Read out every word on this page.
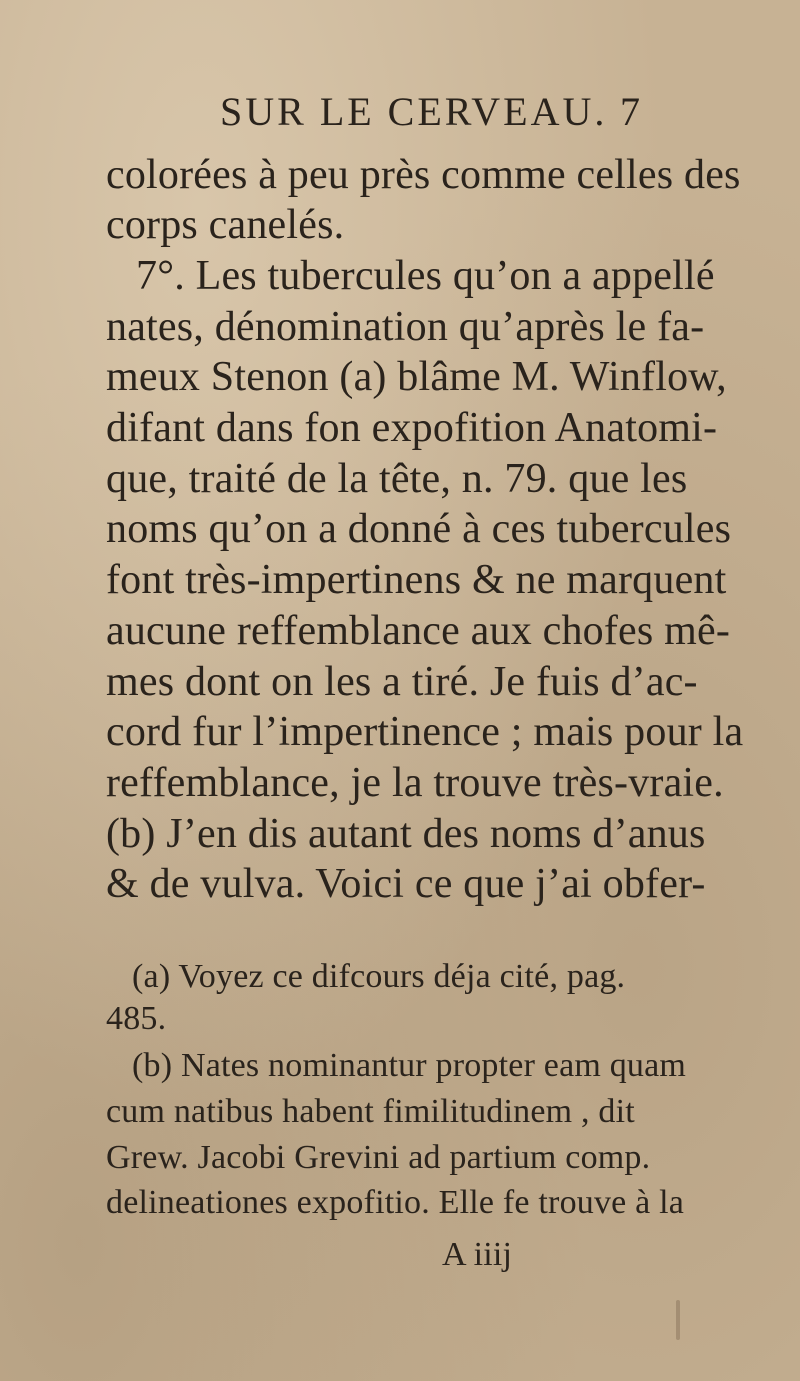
SUR LE CERVEAU. 7
colorées à peu près comme celles des
corps canelés.
7°. Les tubercules qu’on a appellé
nates, dénomination qu’après le fa-
meux Stenon (a) blâme M. Winflow,
difant dans fon expofition Anatomi-
que, traité de la tête, n. 79. que les
noms qu’on a donné à ces tubercules
font très-impertinens & ne marquent
aucune reffemblance aux chofes mê-
mes dont on les a tiré. Je fuis d’ac-
cord fur l’impertinence ; mais pour la
reffemblance, je la trouve très-vraie.
(b) J’en dis autant des noms d’anus
& de vulva. Voici ce que j’ai obfer-
(a) Voyez ce difcours déja cité, pag.
485.
(b) Nates nominantur propter eam quam
cum natibus habent fimilitudinem , dit
Grew. Jacobi Grevini ad partium comp.
delineationes expofitio. Elle fe trouve à la
A iiij
